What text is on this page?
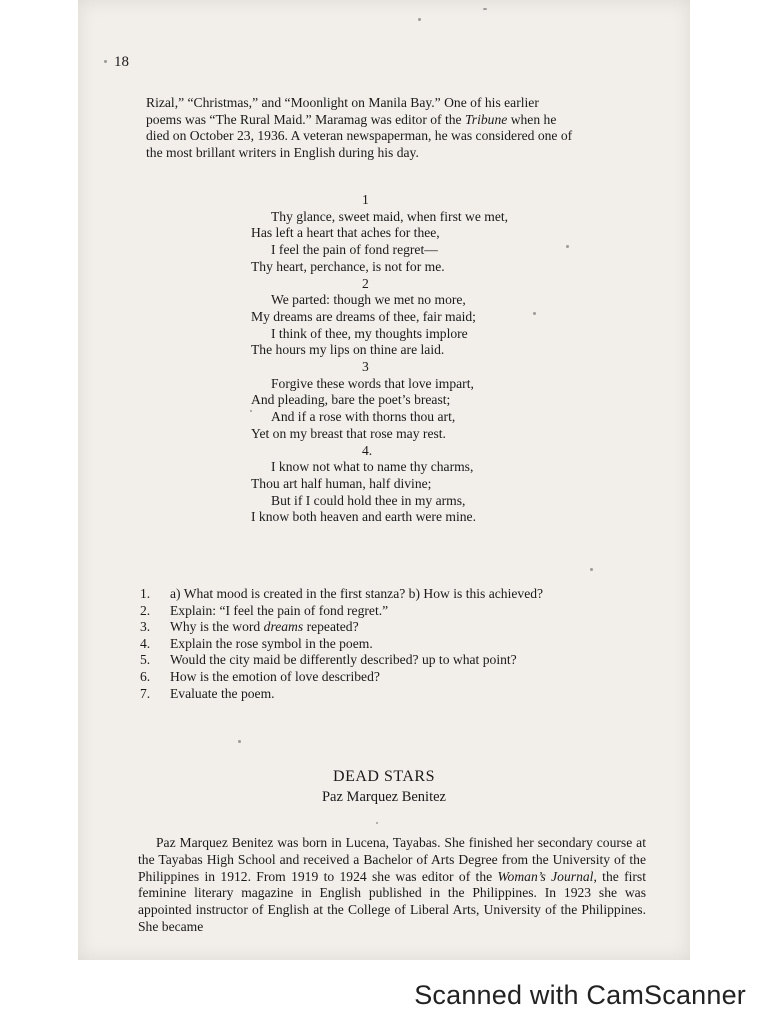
18

Rizal,” “Christmas,” and “Moonlight on Manila Bay.” One of his earlier

poems was “The Rural Maid.” Maramag was editor of the Tribune when he

died on October 23, 1936. A veteran newspaperman, he was considered one of

the most brillant writers in English during his day.

1
Thy glance, sweet maid, when first we met,
Has left a heart that aches for thee,
I feel the pain of fond regret—
Thy heart, perchance, is not for me.
2
We parted: though we met no more,
My dreams are dreams of thee, fair maid;
I think of thee, my thoughts implore
The hours my lips on thine are laid.
3
Forgive these words that love impart,
And pleading, bare the poet’s breast;
And if a rose with thorns thou art,
Yet on my breast that rose may rest.
4.
I know not what to name thy charms,
Thou art half human, half divine;
But if I could hold thee in my arms,
I know both heaven and earth were mine.
1.	a) What mood is created in the first stanza? b) How is this achieved?
2.	Explain: “I feel the pain of fond regret.”
3.	Why is the word dreams repeated?
4.	Explain the rose symbol in the poem.
5.	Would the city maid be differently described? up to what point?
6.	How is the emotion of love described?
7.	Evaluate the poem.
DEAD STARS
Paz Marquez Benitez

Paz Marquez Benitez was born in Lucena, Tayabas. She finished her secondary course at the Tayabas High School and received a Bachelor of Arts Degree from the University of the Philippines in 1912. From 1919 to 1924 she was editor of the Woman’s Journal, the first feminine literary magazine in English published in the Philippines. In 1923 she was appointed instructor of English at the College of Liberal Arts, University of the Philippines. She became

Scanned with CamScanner
